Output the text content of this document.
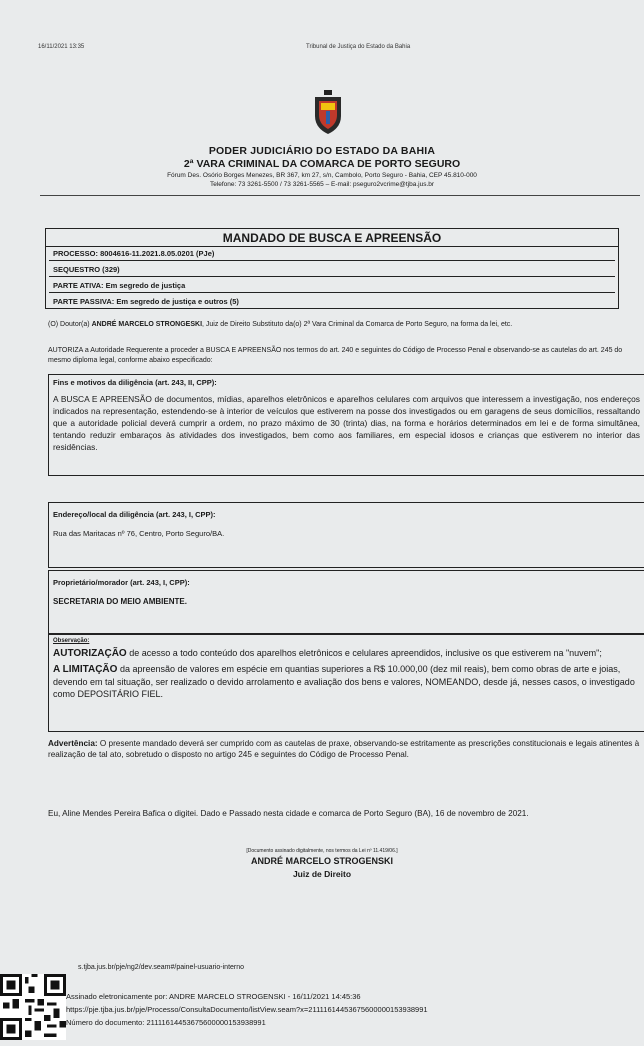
16/11/2021 13:35	Tribunal de Justiça do Estado da Bahia
PODER JUDICIÁRIO DO ESTADO DA BAHIA
2ª VARA CRIMINAL DA COMARCA DE PORTO SEGURO
Fórum Des. Osório Borges Menezes, BR 367, km 27, s/n, Cambolo, Porto Seguro - Bahia, CEP 45.810-000
Telefone: 73 3261-5500 / 73 3261-5565 – E-mail: pseguro2vcrime@tjba.jus.br
MANDADO DE BUSCA E APREENSÃO
PROCESSO: 8004616-11.2021.8.05.0201 (PJe)
SEQUESTRO (329)
PARTE ATIVA: Em segredo de justiça
PARTE PASSIVA: Em segredo de justiça e outros (5)
(O) Doutor(a) ANDRÉ MARCELO STRONGESKI, Juiz de Direito Substituto da(o) 2ª Vara Criminal da Comarca de Porto Seguro, na forma da lei, etc.
AUTORIZA a Autoridade Requerente a proceder a BUSCA E APREENSÃO nos termos do art. 240 e seguintes do Código de Processo Penal e observando-se as cautelas do art. 245 do mesmo diploma legal, conforme abaixo especificado:
Fins e motivos da diligência (art. 243, II, CPP):
A BUSCA E APREENSÃO de documentos, mídias, aparelhos eletrônicos e aparelhos celulares com arquivos que interessem a investigação, nos endereços indicados na representação, estendendo-se à interior de veículos que estiverem na posse dos investigados ou em garagens de seus domicílios, ressaltando que a autoridade policial deverá cumprir a ordem, no prazo máximo de 30 (trinta) dias, na forma e horários determinados em lei e de forma simultânea, tentando reduzir embaraços às atividades dos investigados, bem como aos familiares, em especial idosos e crianças que estiverem no interior das residências.
Endereço/local da diligência (art. 243, I, CPP):
Rua das Maritacas nº 76, Centro, Porto Seguro/BA.
Proprietário/morador (art. 243, I, CPP):
SECRETARIA DO MEIO AMBIENTE.
Observação:
AUTORIZAÇÃO de acesso a todo conteúdo dos aparelhos eletrônicos e celulares apreendidos, inclusive os que estiverem na "nuvem";
A LIMITAÇÃO da apreensão de valores em espécie em quantias superiores a R$ 10.000,00 (dez mil reais), bem como obras de arte e joias, devendo em tal situação, ser realizado o devido arrolamento e avaliação dos bens e valores, NOMEANDO, desde já, nesses casos, o investigado como DEPOSITÁRIO FIEL.
Advertência: O presente mandado deverá ser cumprido com as cautelas de praxe, observando-se estritamente as prescrições constitucionais e legais atinentes à realização de tal ato, sobretudo o disposto no artigo 245 e seguintes do Código de Processo Penal.
Eu, Aline Mendes Pereira Bafica o digitei. Dado e Passado nesta cidade e comarca de Porto Seguro (BA), 16 de novembro de 2021.
[Documento assinado digitalmente, nos termos da Lei nº 11.419/06.]
ANDRÉ MARCELO STROGENSKI
Juiz de Direito
s.tjba.jus.br/pje/ng2/dev.seam#/painel-usuario-interno
Assinado eletronicamente por: ANDRE MARCELO STROGENSKI - 16/11/2021 14:45:36
https://pje.tjba.jus.br/pje/Processo/ConsultaDocumento/listView.seam?x=21111614453675600000153938991
Número do documento: 21111614453675600000153938991
